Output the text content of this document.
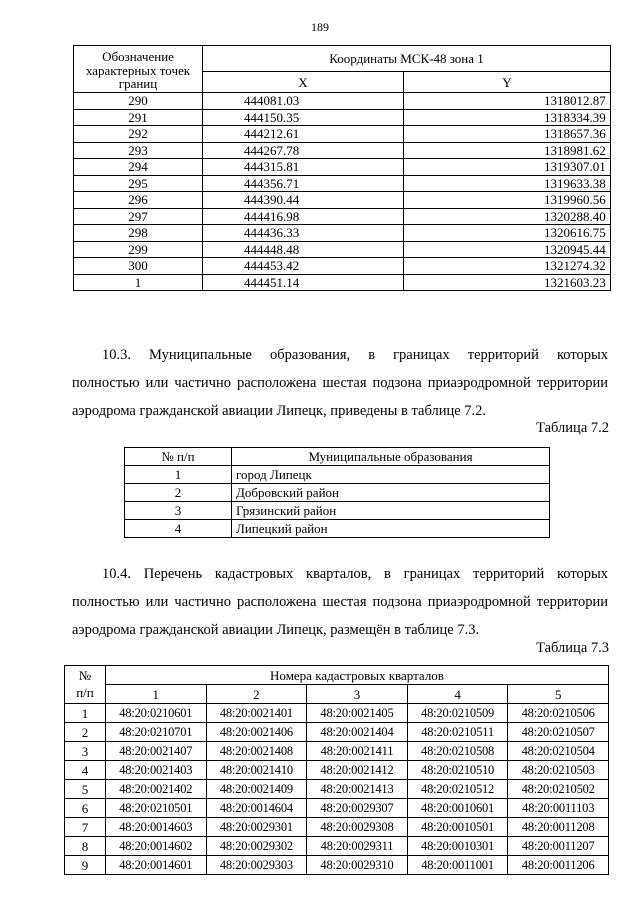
189
Обозначение характерных точек границ	Координаты МСК-48 зона 1	
	X	Y
290	444081.03	1318012.87
291	444150.35	1318334.39
292	444212.61	1318657.36
293	444267.78	1318981.62
294	444315.81	1319307.01
295	444356.71	1319633.38
296	444390.44	1319960.56
297	444416.98	1320288.40
298	444436.33	1320616.75
299	444448.48	1320945.44
300	444453.42	1321274.32
1	444451.14	1321603.23
10.3. Муниципальные образования, в границах территорий которых
полностью или частично расположена шестая подзона приаэродромной территории аэродрома гражданской авиации Липецк, приведены в таблице 7.2.
Таблица 7.2
№ п/п	Муниципальные образования
1	город Липецк
2	Добровский район
3	Грязинский район
4	Липецкий район
10.4. Перечень кадастровых кварталов, в границах территорий которых
полностью или частично расположена шестая подзона приаэродромной территории аэродрома гражданской авиации Липецк, размещён в таблице 7.3.
Таблица 7.3
№
п/п	Номера кадастровых кварталов				
	1	2	3	4	5
1	48:20:0210601	48:20:0021401	48:20:0021405	48:20:0210509	48:20:0210506
2	48:20:0210701	48:20:0021406	48:20:0021404	48:20:0210511	48:20:0210507
3	48:20:0021407	48:20:0021408	48:20:0021411	48:20:0210508	48:20:0210504
4	48:20:0021403	48:20:0021410	48:20:0021412	48:20:0210510	48:20:0210503
5	48:20:0021402	48:20:0021409	48:20:0021413	48:20:0210512	48:20:0210502
6	48:20:0210501	48:20:0014604	48:20:0029307	48:20:0010601	48:20:0011103
7	48:20:0014603	48:20:0029301	48:20:0029308	48:20:0010501	48:20:0011208
8	48:20:0014602	48:20:0029302	48:20:0029311	48:20:0010301	48:20:0011207
9	48:20:0014601	48:20:0029303	48:20:0029310	48:20:0011001	48:20:0011206
